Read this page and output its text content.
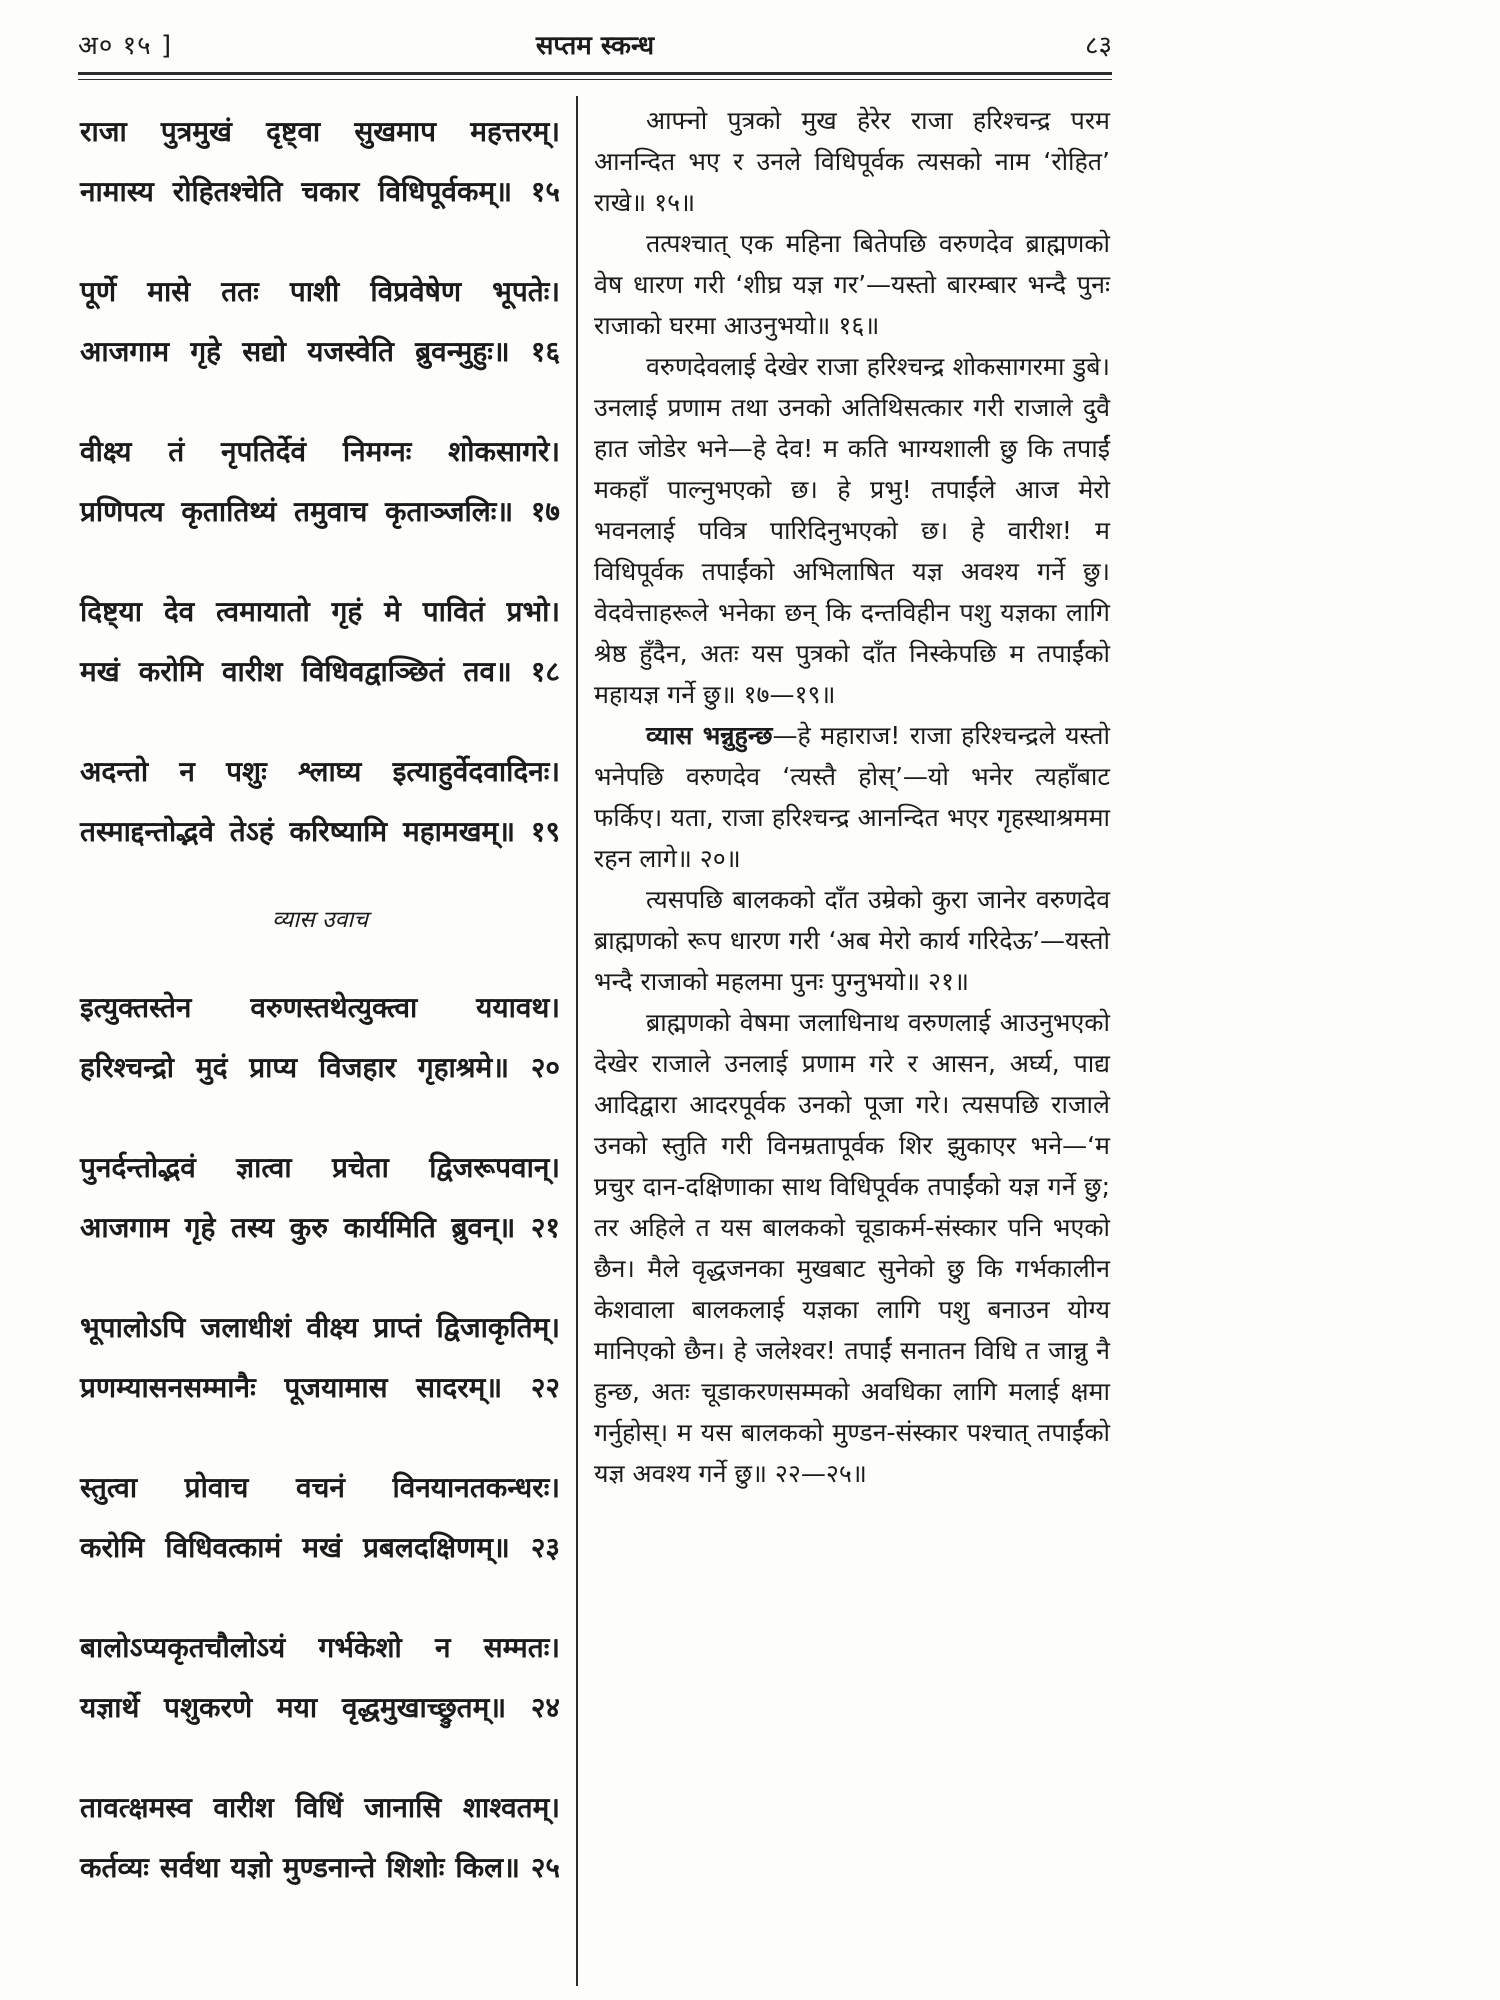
अ० १५ ]	सप्तम स्कन्ध	८३
राजा पुत्रमुखं दृष्ट्वा सुखमाप महत्तरम्।
नामास्य रोहितश्चेति चकार विधिपूर्वकम्॥ १५
पूर्णे मासे ततः पाशी विप्रवेषेण भूपतेः।
आजगाम गृहे सद्यो यजस्वेति ब्रुवन्मुहुः॥ १६
वीक्ष्य तं नृपतिर्देवं निमग्नः शोकसागरे।
प्रणिपत्य कृतातिथ्यं तमुवाच कृताञ्जलिः॥ १७
दिष्ट्या देव त्वमायातो गृहं मे पावितं प्रभो।
मखं करोमि वारीश विधिवद्वाञ्छितं तव॥ १८
अदन्तो न पशुः श्लाघ्य इत्याहुर्वेदवादिनः।
तस्माद्दन्तोद्भवे तेऽहं करिष्यामि महामखम्॥ १९
व्यास उवाच
इत्युक्तस्तेन वरुणस्तथेत्युक्त्वा ययावथ।
हरिश्चन्द्रो मुदं प्राप्य विजहार गृहाश्रमे॥ २०
पुनर्दन्तोद्भवं ज्ञात्वा प्रचेता द्विजरूपवान्।
आजगाम गृहे तस्य कुरु कार्यमिति ब्रुवन्॥ २१
भूपालोऽपि जलाधीशं वीक्ष्य प्राप्तं द्विजाकृतिम्।
प्रणम्यासनसम्मानैः पूजयामास सादरम्॥ २२
स्तुत्वा प्रोवाच वचनं विनयानतकन्धरः।
करोमि विधिवत्कामं मखं प्रबलदक्षिणम्॥ २३
बालोऽप्यकृतचौलोऽयं गर्भकेशो न सम्मतः।
यज्ञार्थे पशुकरणे मया वृद्धमुखाच्छ्रुतम्॥ २४
तावत्क्षमस्व वारीश विधिं जानासि शाश्वतम्।
कर्तव्यः सर्वथा यज्ञो मुण्डनान्ते शिशोः किल॥ २५

आफ्नो पुत्रको मुख हेरेर राजा हरिश्चन्द्र परम आनन्दित भए र उनले विधिपूर्वक त्यसको नाम ‘रोहित’ राखे॥ १५॥

तत्पश्चात् एक महिना बितेपछि वरुणदेव ब्राह्मणको वेष धारण गरी ‘शीघ्र यज्ञ गर’—यस्तो बारम्बार भन्दै पुनः राजाको घरमा आउनुभयो॥ १६॥

वरुणदेवलाई देखेर राजा हरिश्चन्द्र शोकसागरमा डुबे। उनलाई प्रणाम तथा उनको अतिथिसत्कार गरी राजाले दुवै हात जोडेर भने—हे देव! म कति भाग्यशाली छु कि तपाईं मकहाँ पाल्नुभएको छ। हे प्रभु! तपाईंले आज मेरो भवनलाई पवित्र पारिदिनुभएको छ। हे वारीश! म विधिपूर्वक तपाईंको अभिलाषित यज्ञ अवश्य गर्ने छु। वेदवेत्ताहरूले भनेका छन् कि दन्तविहीन पशु यज्ञका लागि श्रेष्ठ हुँदैन, अतः यस पुत्रको दाँत निस्केपछि म तपाईंको महायज्ञ गर्ने छु॥ १७—१९॥

व्यास भन्नुहुन्छ—हे महाराज! राजा हरिश्चन्द्रले यस्तो भनेपछि वरुणदेव ‘त्यस्तै होस्’—यो भनेर त्यहाँबाट फर्किए। यता, राजा हरिश्चन्द्र आनन्दित भएर गृहस्थाश्रममा रहन लागे॥ २०॥

त्यसपछि बालकको दाँत उम्रेको कुरा जानेर वरुणदेव ब्राह्मणको रूप धारण गरी ‘अब मेरो कार्य गरिदेऊ’—यस्तो भन्दै राजाको महलमा पुनः पुग्नुभयो॥ २१॥

ब्राह्मणको वेषमा जलाधिनाथ वरुणलाई आउनुभएको देखेर राजाले उनलाई प्रणाम गरे र आसन, अर्घ्य, पाद्य आदिद्वारा आदरपूर्वक उनको पूजा गरे। त्यसपछि राजाले उनको स्तुति गरी विनम्रतापूर्वक शिर झुकाएर भने—‘म प्रचुर दान-दक्षिणाका साथ विधिपूर्वक तपाईंको यज्ञ गर्ने छु; तर अहिले त यस बालकको चूडाकर्म-संस्कार पनि भएको छैन। मैले वृद्धजनका मुखबाट सुनेको छु कि गर्भकालीन केशवाला बालकलाई यज्ञका लागि पशु बनाउन योग्य मानिएको छैन। हे जलेश्वर! तपाईं सनातन विधि त जान्नु नै हुन्छ, अतः चूडाकरणसम्मको अवधिका लागि मलाई क्षमा गर्नुहोस्। म यस बालकको मुण्डन-संस्कार पश्चात् तपाईंको यज्ञ अवश्य गर्ने छु॥ २२—२५॥
